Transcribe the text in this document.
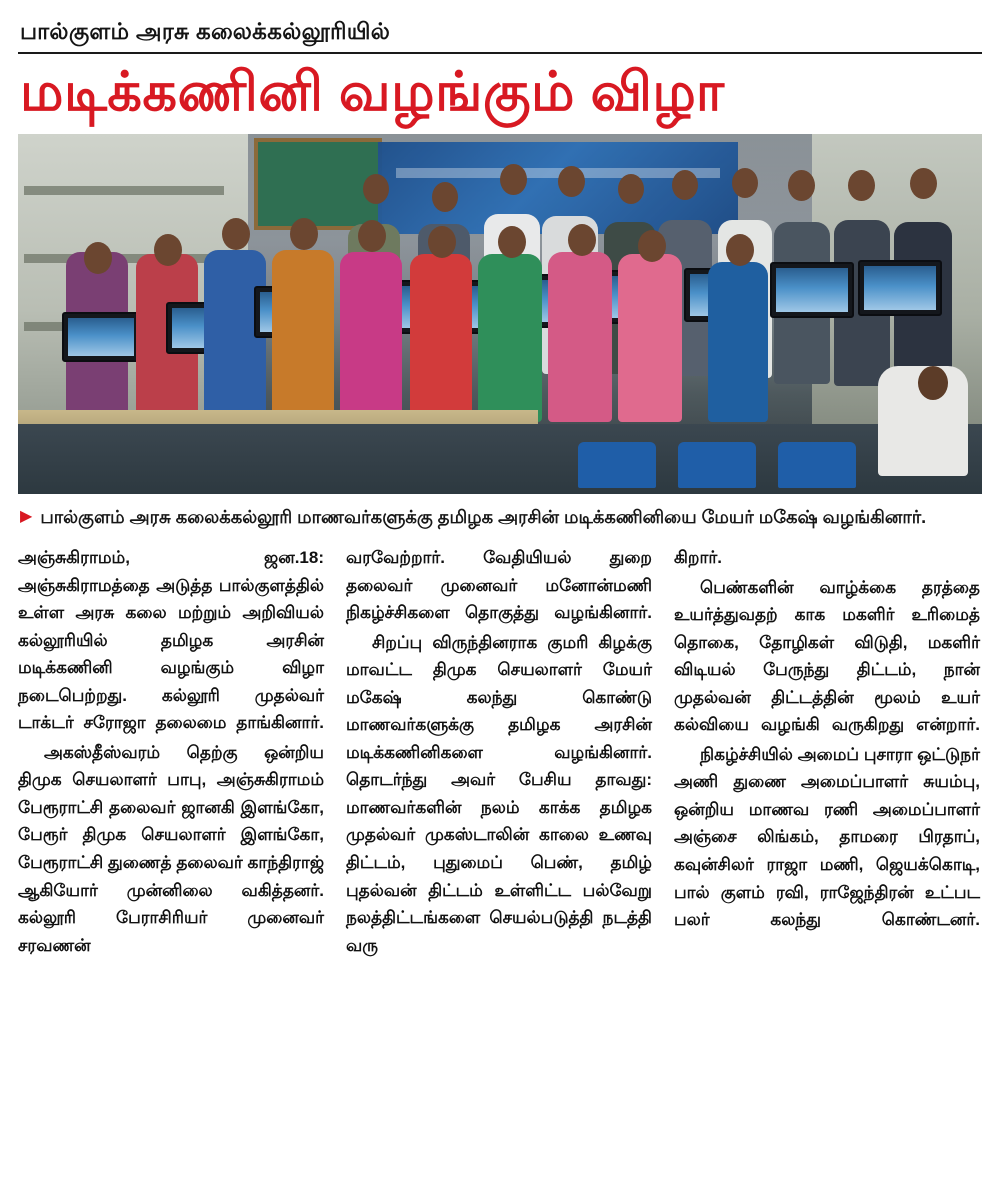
பால்குளம் அரசு கலைக்கல்லூரியில்
மடிக்கணினி வழங்கும் விழா
▶ பால்குளம் அரசு கலைக்கல்லூரி மாணவர்களுக்கு தமிழக அரசின் மடிக்கணினியை மேயர் மகேஷ் வழங்கினார்.

அஞ்சுகிராமம், ஜன.18: அஞ்சுகிராமத்தை அடுத்த பால்குளத்தில் உள்ள அரசு கலை மற்றும் அறிவியல் கல்லூரியில் தமிழக அரசின் மடிக்கணினி வழங்கும் விழா நடைபெற்றது. கல்லூரி முதல்வர் டாக்டர் சரோஜா தலைமை தாங்கினார்.

அகஸ்தீஸ்வரம் தெற்கு ஒன்றிய திமுக செயலாளர் பாபு, அஞ்சுகிராமம் பேரூராட்சி தலைவர் ஜானகி இளங்கோ, பேரூர் திமுக செயலாளர் இளங்கோ, பேரூராட்சி துணைத் தலைவர் காந்திராஜ் ஆகியோர் முன்னிலை வகித்தனர். கல்லூரி பேராசிரியர் முனைவர் சரவணன்

வரவேற்றார். வேதியியல் துறை தலைவர் முனைவர் மனோன்மணி நிகழ்ச்சிகளை தொகுத்து வழங்கினார்.

சிறப்பு விருந்தினராக குமரி கிழக்கு மாவட்ட திமுக செயலாளர் மேயர் மகேஷ் கலந்து கொண்டு மாணவர்களுக்கு தமிழக அரசின் மடிக்கணினிகளை வழங்கினார். தொடர்ந்து அவர் பேசிய தாவது: மாணவர்களின் நலம் காக்க தமிழக முதல்வர் முகஸ்டாலின் காலை உணவு திட்டம், புதுமைப் பெண், தமிழ் புதல்வன் திட்டம் உள்ளிட்ட பல்வேறு நலத்திட்டங்களை செயல்படுத்தி நடத்தி வரு

கிறார்.

பெண்களின் வாழ்க்கை தரத்தை உயர்த்துவதற் காக மகளிர் உரிமைத் தொகை, தோழிகள் விடுதி, மகளிர் விடியல் பேருந்து திட்டம், நான் முதல்வன் திட்டத்தின் மூலம் உயர் கல்வியை வழங்கி வருகிறது என்றார்.

நிகழ்ச்சியில் அமைப் புசாரா ஒட்டுநர் அணி துணை அமைப்பாளர் சுயம்பு, ஒன்றிய மாணவ ரணி அமைப்பாளர் அஞ்சை லிங்கம், தாமரை பிரதாப், கவுன்சிலர் ராஜா மணி, ஜெயக்கொடி, பால் குளம் ரவி, ராஜேந்திரன் உட்பட பலர் கலந்து கொண்டனர்.
